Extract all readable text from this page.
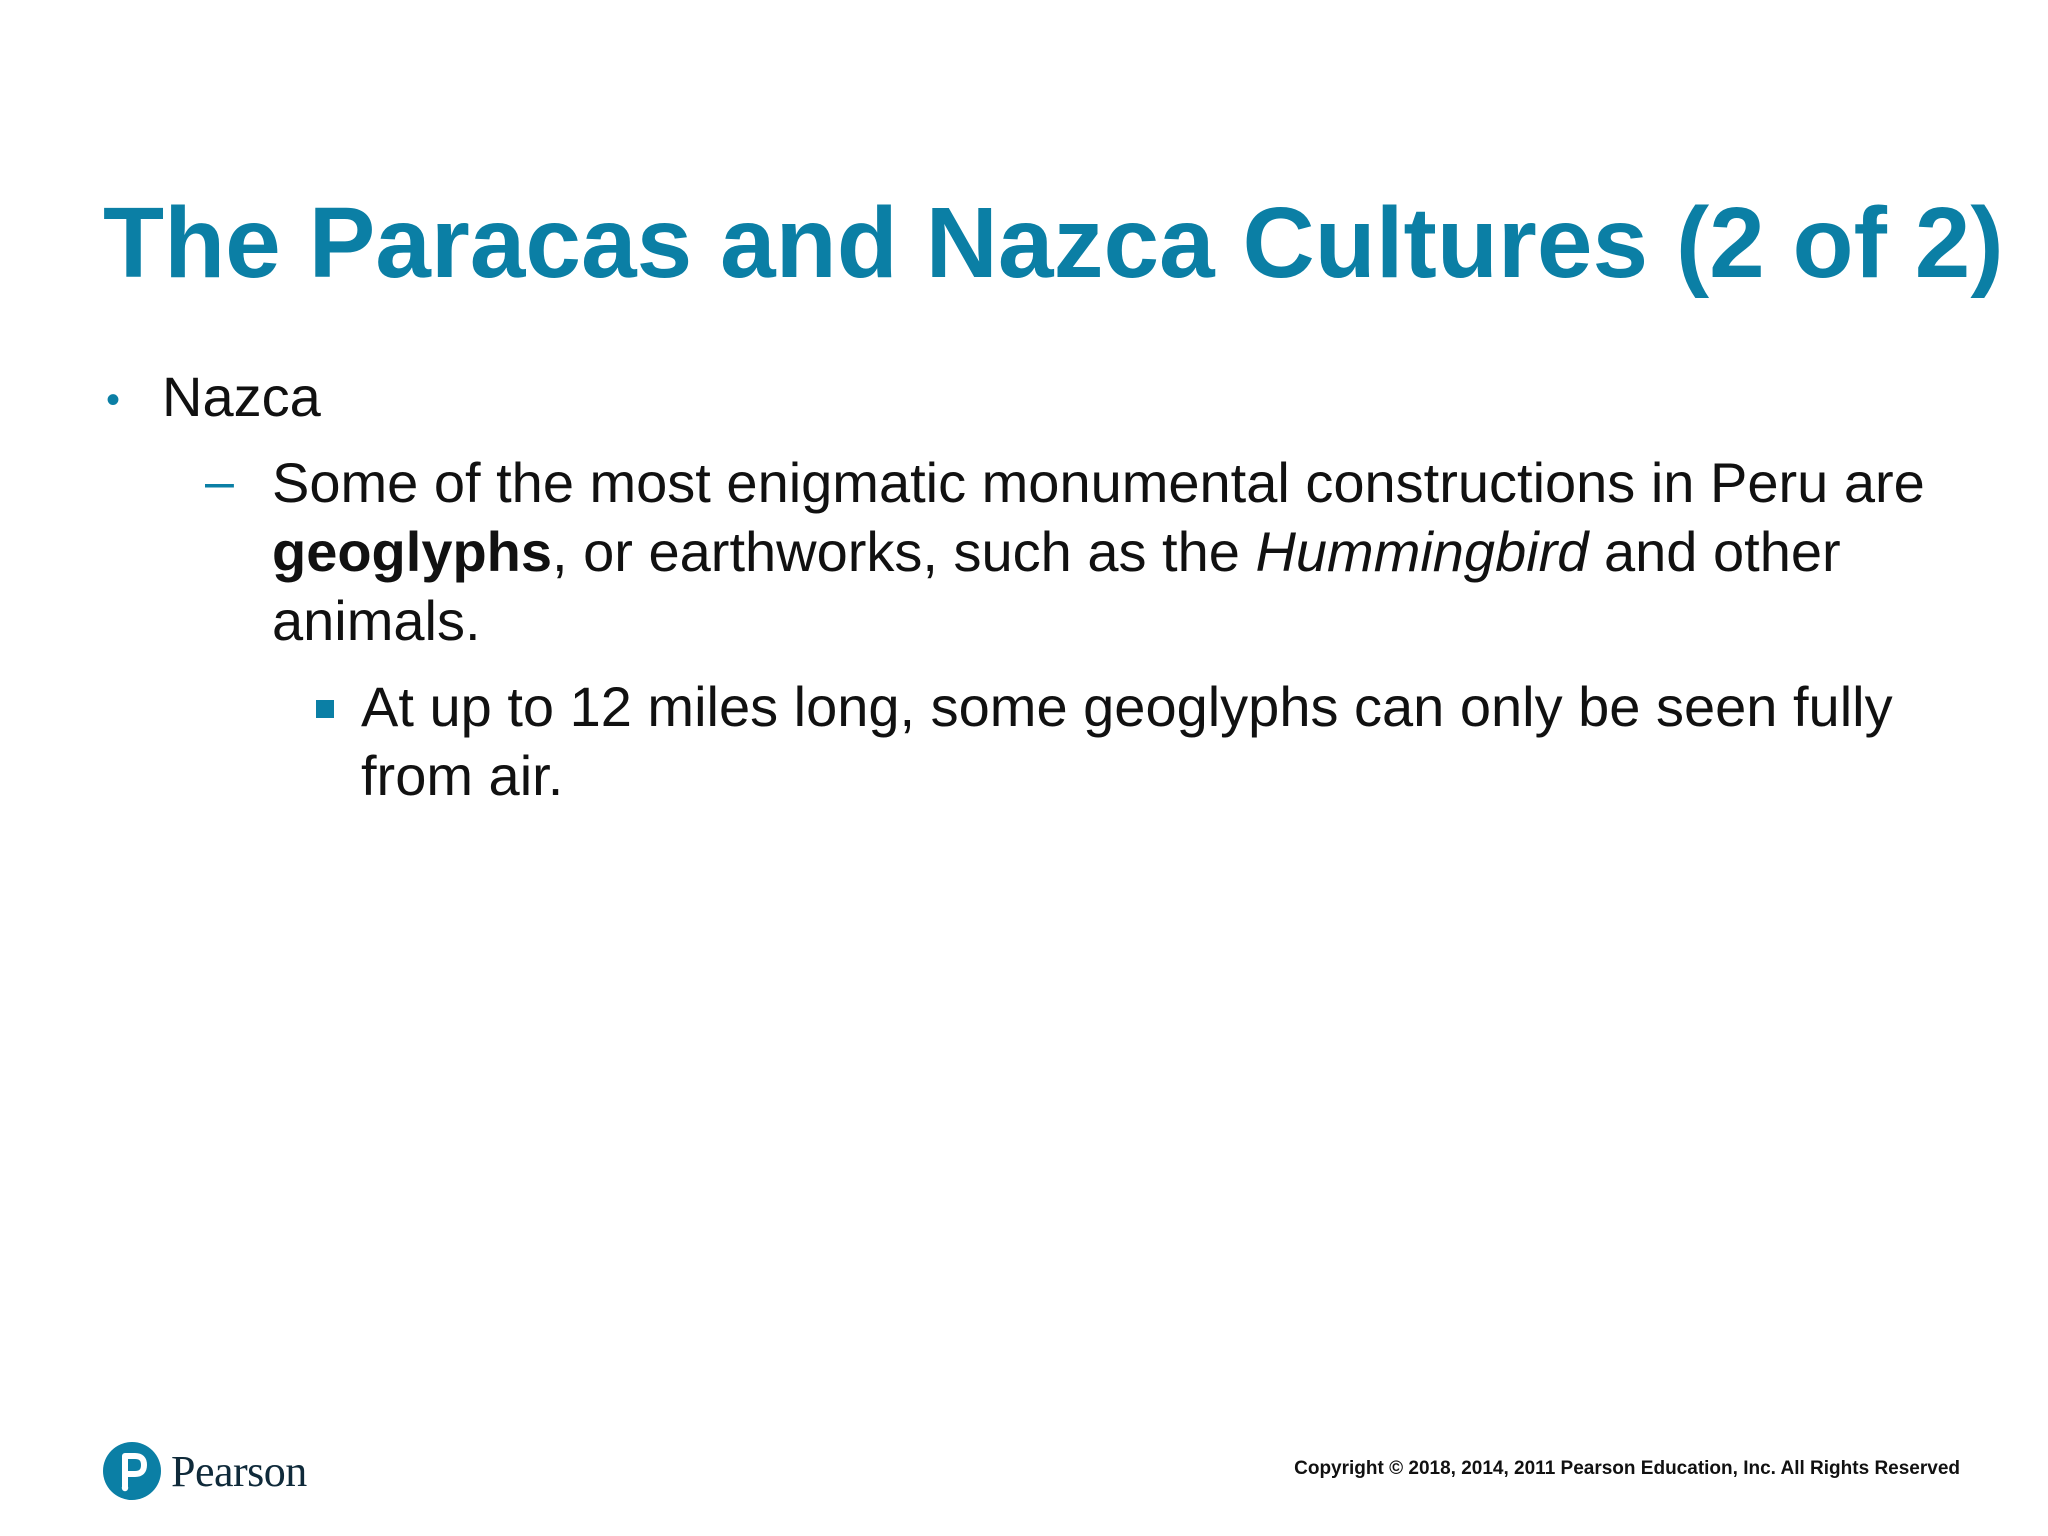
The Paracas and Nazca Cultures (2 of 2)
• Nazca
– Some of the most enigmatic monumental constructions in Peru are geoglyphs, or earthworks, such as the Hummingbird and other animals.
At up to 12 miles long, some geoglyphs can only be seen fully from air.
Pearson	Copyright © 2018, 2014, 2011 Pearson Education, Inc. All Rights Reserved
